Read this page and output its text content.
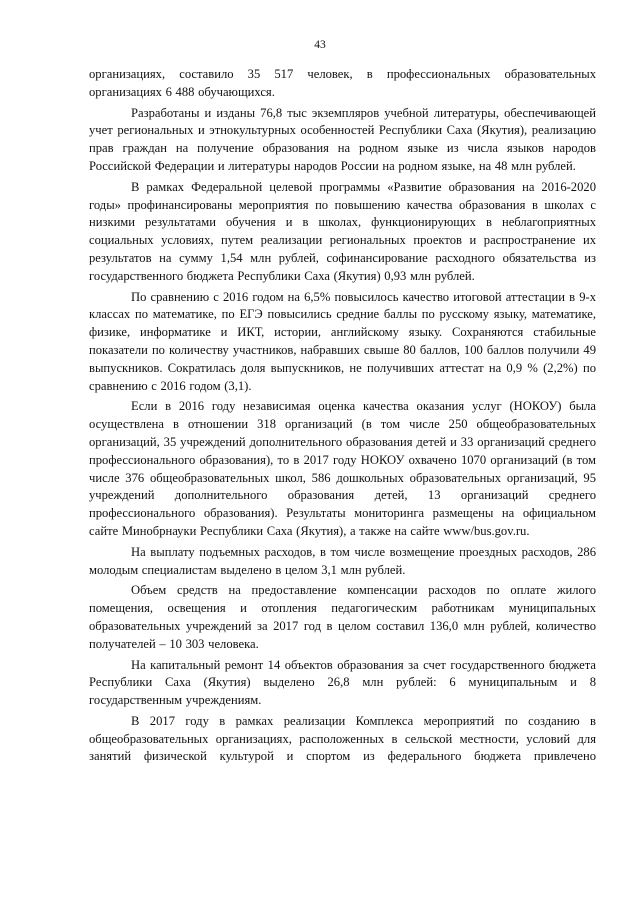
43

организациях, составило 35 517 человек, в профессиональных образовательных организациях 6 488 обучающихся.

Разработаны и изданы 76,8 тыс экземпляров учебной литературы, обеспечивающей учет региональных и этнокультурных особенностей Республики Саха (Якутия), реализацию прав граждан на получение образования на родном языке из числа языков народов Российской Федерации и литературы народов России на родном языке, на 48 млн рублей.

В рамках Федеральной целевой программы «Развитие образования на 2016-2020 годы» профинансированы мероприятия по повышению качества образования в школах с низкими результатами обучения и в школах, функционирующих в неблагоприятных социальных условиях, путем реализации региональных проектов и распространение их результатов на сумму 1,54 млн рублей, софинансирование расходного обязательства из государственного бюджета Республики Саха (Якутия) 0,93 млн рублей.

По сравнению с 2016 годом на 6,5% повысилось качество итоговой аттестации в 9-х классах по математике, по ЕГЭ повысились средние баллы по русскому языку, математике, физике, информатике и ИКТ, истории, английскому языку. Сохраняются стабильные показатели по количеству участников, набравших свыше 80 баллов, 100 баллов получили 49 выпускников. Сократилась доля выпускников, не получивших аттестат на 0,9 % (2,2%) по сравнению с 2016 годом (3,1).

Если в 2016 году независимая оценка качества оказания услуг (НОКОУ) была осуществлена в отношении 318 организаций (в том числе 250 общеобразовательных организаций, 35 учреждений дополнительного образования детей и 33 организаций среднего профессионального образования), то в 2017 году НОКОУ охвачено 1070 организаций (в том числе 376 общеобразовательных школ, 586 дошкольных образовательных организаций, 95 учреждений дополнительного образования детей, 13 организаций среднего профессионального образования). Результаты мониторинга размещены на официальном сайте Минобрнауки Республики Саха (Якутия), а также на сайте www/bus.gov.ru.

На выплату подъемных расходов, в том числе возмещение проездных расходов, 286 молодым специалистам выделено в целом 3,1 млн рублей.

Объем средств на предоставление компенсации расходов по оплате жилого помещения, освещения и отопления педагогическим работникам муниципальных образовательных учреждений за 2017 год в целом составил 136,0 млн рублей, количество получателей – 10 303 человека.

На капитальный ремонт 14 объектов образования за счет государственного бюджета Республики Саха (Якутия) выделено 26,8 млн рублей: 6 муниципальным и 8 государственным учреждениям.

В 2017 году в рамках реализации Комплекса мероприятий по созданию в общеобразовательных организациях, расположенных в сельской местности, условий для занятий физической культурой и спортом из федерального бюджета привлечено
